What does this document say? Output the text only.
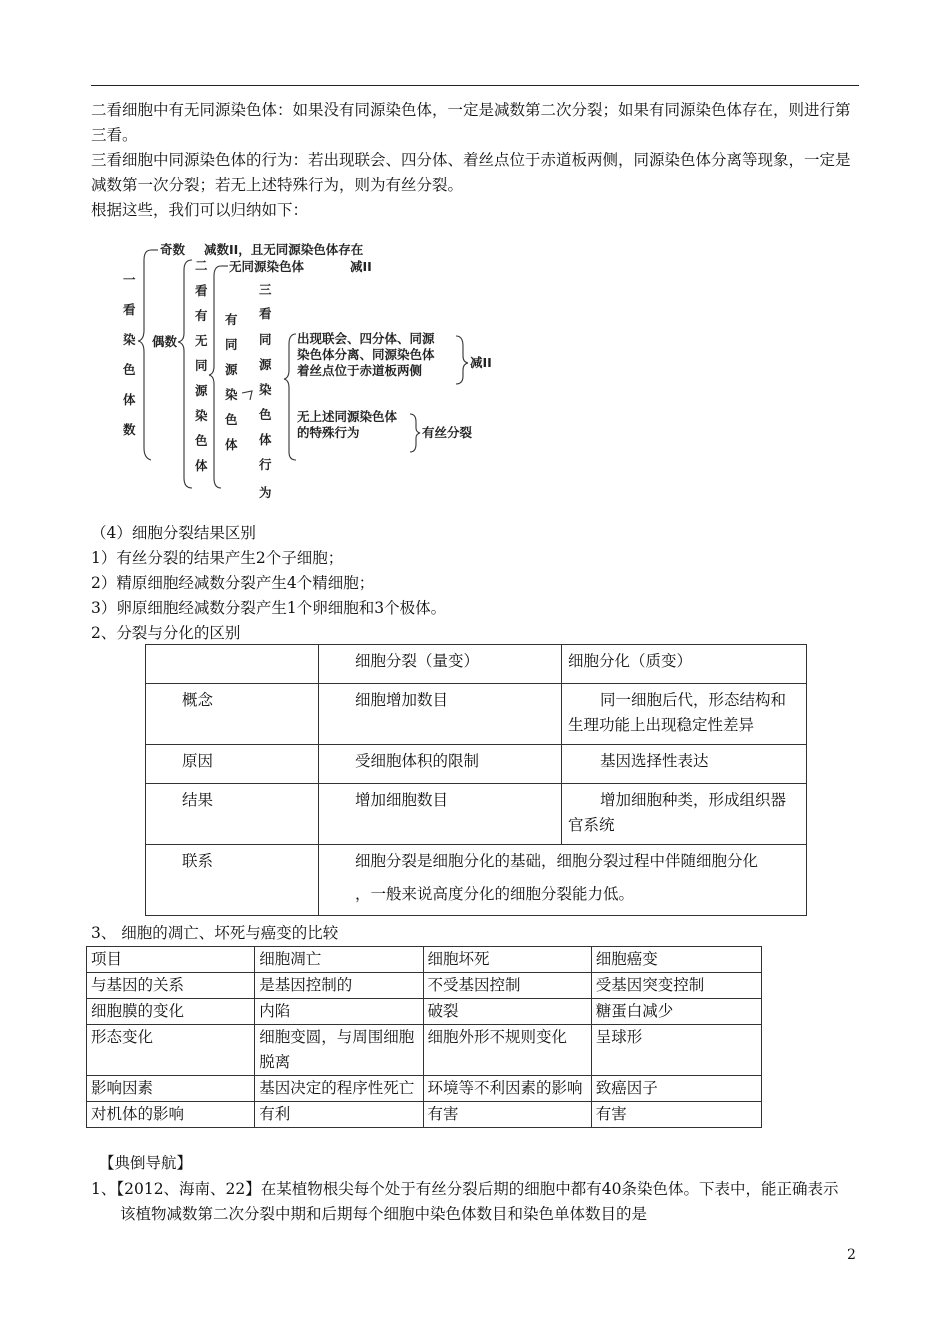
二看细胞中有无同源染色体：如果没有同源染色体，一定是减数第二次分裂；如果有同源染色体存在，则进行第三看。
三看细胞中同源染色体的行为：若出现联会、四分体、着丝点位于赤道板两侧，同源染色体分离等现象，一定是减数第一次分裂；若无上述特殊行为，则为有丝分裂。
根据这些，我们可以归纳如下：
一
看
染
色
体
数
奇数 减数II，且无同源染色体存在
偶数
二
看
有
无
同
源
染
色
体
无同源染色体	减II
有
同
源
染
色
体
三
看
同
源
染
色
体
行
为
出现联会、四分体、同源
染色体分离、同源染色体
着丝点位于赤道板两侧
减II
无上述同源染色体
的特殊行为	有丝分裂
（4）细胞分裂结果区别
1）有丝分裂的结果产生2个子细胞；
2）精原细胞经减数分裂产生4个精细胞；
3）卵原细胞经减数分裂产生1个卵细胞和3个极体。
2、分裂与分化的区别
	细胞分裂（量变）	细胞分化（质变）
概念	细胞增加数目	同一细胞后代，形态结构和生理功能上出现稳定性差异
原因	受细胞体积的限制	基因选择性表达
结果	增加细胞数目	增加细胞种类，形成组织器官系统
联系	细胞分裂是细胞分化的基础，细胞分裂过程中伴随细胞分化
，一般来说高度分化的细胞分裂能力低。	
3、 细胞的凋亡、坏死与癌变的比较
项目	细胞凋亡	细胞坏死	细胞癌变
与基因的关系	是基因控制的	不受基因控制	受基因突变控制
细胞膜的变化	内陷	破裂	糖蛋白减少
形态变化	细胞变圆，与周围细胞脱离	细胞外形不规则变化	呈球形
影响因素	基因决定的程序性死亡	环境等不利因素的影响	致癌因子
对机体的影响	有利	有害	有害
【典倒导航】
1、【2012、海南、22】在某植物根尖每个处于有丝分裂后期的细胞中都有40条染色体。下表中，能正确表示
该植物减数第二次分裂中期和后期每个细胞中染色体数目和染色单体数目的是
2
